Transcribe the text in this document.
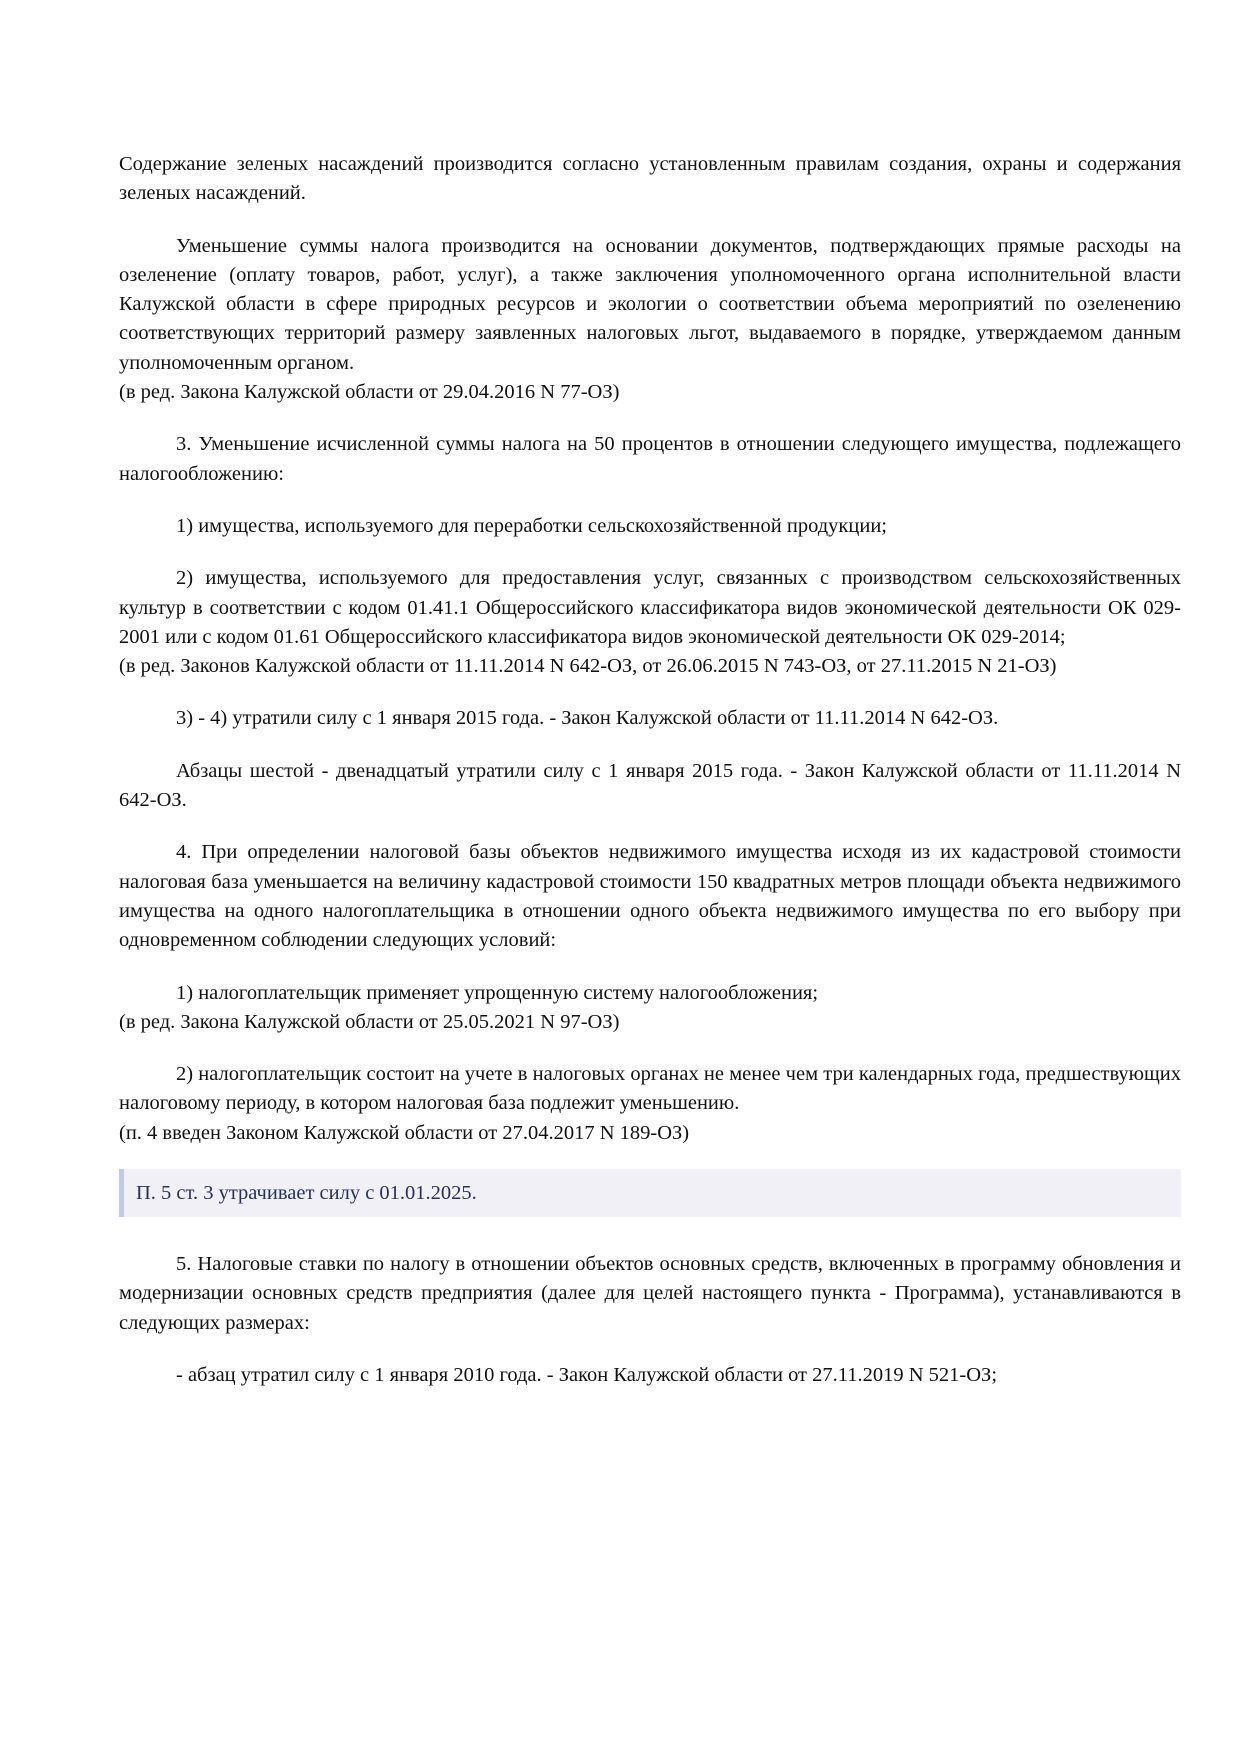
Содержание зеленых насаждений производится согласно установленным правилам создания, охраны и содержания зеленых насаждений.

Уменьшение суммы налога производится на основании документов, подтверждающих прямые расходы на озеленение (оплату товаров, работ, услуг), а также заключения уполномоченного органа исполнительной власти Калужской области в сфере природных ресурсов и экологии о соответствии объема мероприятий по озеленению соответствующих территорий размеру заявленных налоговых льгот, выдаваемого в порядке, утверждаемом данным уполномоченным органом.

(в ред. Закона Калужской области от 29.04.2016 N 77-ОЗ)

3. Уменьшение исчисленной суммы налога на 50 процентов в отношении следующего имущества, подлежащего налогообложению:

1) имущества, используемого для переработки сельскохозяйственной продукции;

2) имущества, используемого для предоставления услуг, связанных с производством сельскохозяйственных культур в соответствии с кодом 01.41.1 Общероссийского классификатора видов экономической деятельности ОК 029-2001 или с кодом 01.61 Общероссийского классификатора видов экономической деятельности ОК 029-2014;

(в ред. Законов Калужской области от 11.11.2014 N 642-ОЗ, от 26.06.2015 N 743-ОЗ, от 27.11.2015 N 21-ОЗ)

3) - 4) утратили силу с 1 января 2015 года. - Закон Калужской области от 11.11.2014 N 642-ОЗ.

Абзацы шестой - двенадцатый утратили силу с 1 января 2015 года. - Закон Калужской области от 11.11.2014 N 642-ОЗ.

4. При определении налоговой базы объектов недвижимого имущества исходя из их кадастровой стоимости налоговая база уменьшается на величину кадастровой стоимости 150 квадратных метров площади объекта недвижимого имущества на одного налогоплательщика в отношении одного объекта недвижимого имущества по его выбору при одновременном соблюдении следующих условий:

1) налогоплательщик применяет упрощенную систему налогообложения;

(в ред. Закона Калужской области от 25.05.2021 N 97-ОЗ)

2) налогоплательщик состоит на учете в налоговых органах не менее чем три календарных года, предшествующих налоговому периоду, в котором налоговая база подлежит уменьшению.

(п. 4 введен Законом Калужской области от 27.04.2017 N 189-ОЗ)

П. 5 ст. 3 утрачивает силу с 01.01.2025.

5. Налоговые ставки по налогу в отношении объектов основных средств, включенных в программу обновления и модернизации основных средств предприятия (далее для целей настоящего пункта - Программа), устанавливаются в следующих размерах:

- абзац утратил силу с 1 января 2010 года. - Закон Калужской области от 27.11.2019 N 521-ОЗ;
